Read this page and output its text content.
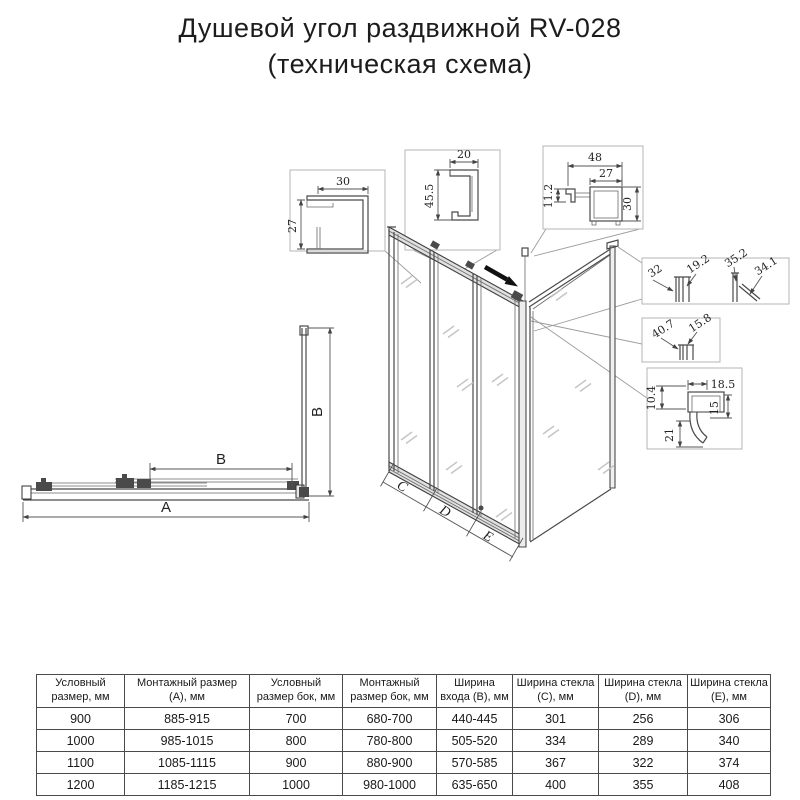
Душевой угол раздвижной RV-028
(техническая схема)
30
27
20
45.5
48
27
11.2	30
32 19.2 35.2 34.1
40.7 15.8
18.5
10.4	15
21
C
D
E
B
B
A
Условный размер, мм	Монтажный размер (А), мм	Условный размер бок, мм	Монтажный размер бок, мм	Ширина входа (B), мм	Ширина стекла (C), мм	Ширина стекла (D), мм	Ширина стекла (E), мм
900	885-915	700	680-700	440-445	301	256	306
1000	985-1015	800	780-800	505-520	334	289	340
1100	1085-1115	900	880-900	570-585	367	322	374
1200	1185-1215	1000	980-1000	635-650	400	355	408
